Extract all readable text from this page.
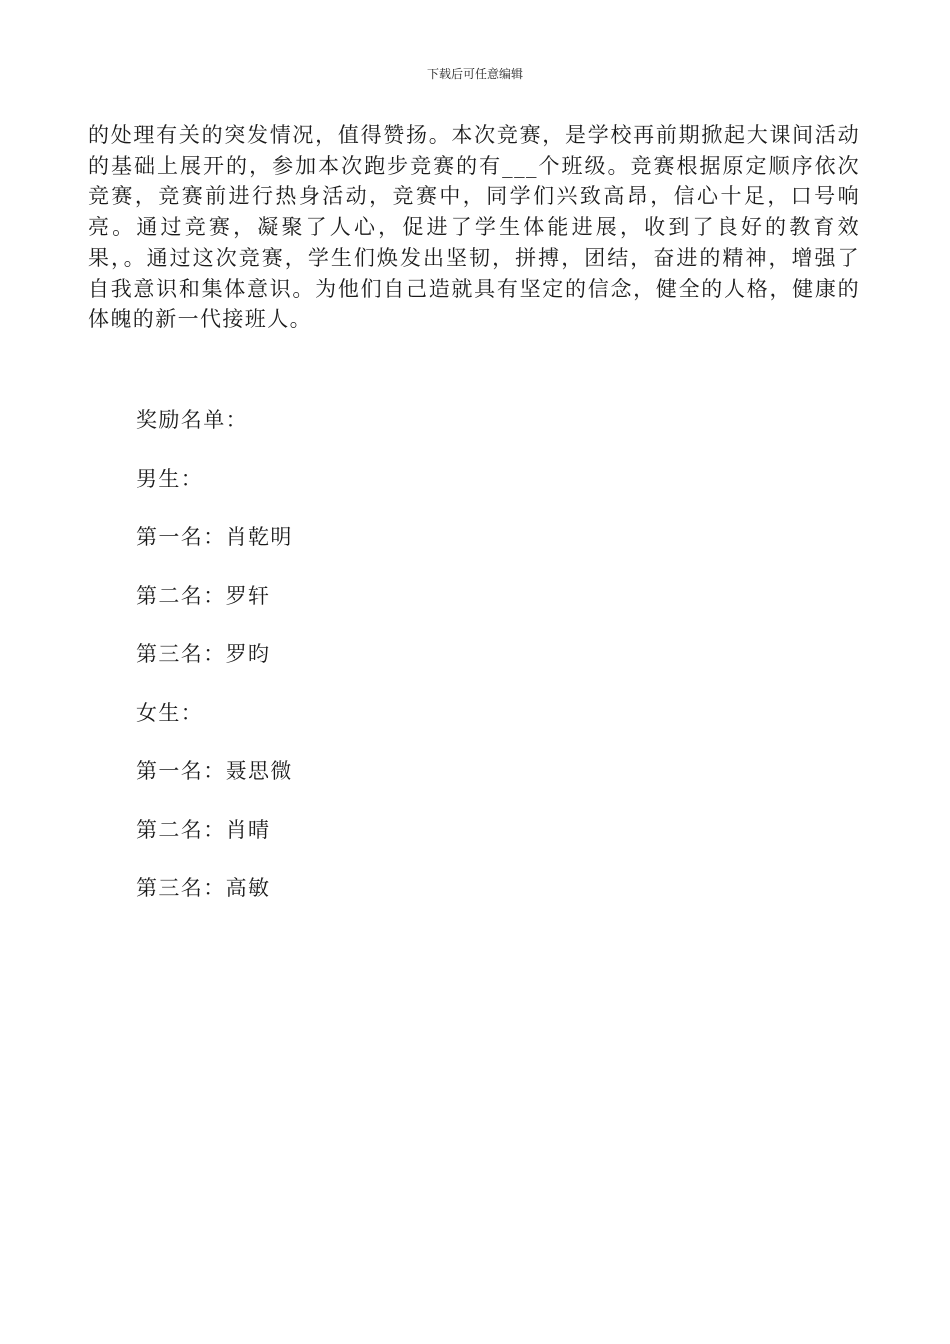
下载后可任意编辑

的处理有关的突发情况，值得赞扬。本次竞赛，是学校再前期掀起大课间活动的基础上展开的，参加本次跑步竞赛的有___个班级。竞赛根据原定顺序依次竞赛，竞赛前进行热身活动，竞赛中，同学们兴致高昂，信心十足，口号响亮。通过竞赛，凝聚了人心，促进了学生体能进展，收到了良好的教育效果，。通过这次竞赛，学生们焕发出坚韧，拼搏，团结，奋进的精神，增强了自我意识和集体意识。为他们自己造就具有坚定的信念，健全的人格，健康的体魄的新一代接班人。

奖励名单：
男生：
第一名：肖乾明
第二名：罗轩
第三名：罗昀
女生：
第一名：聂思微
第二名：肖晴
第三名：高敏
